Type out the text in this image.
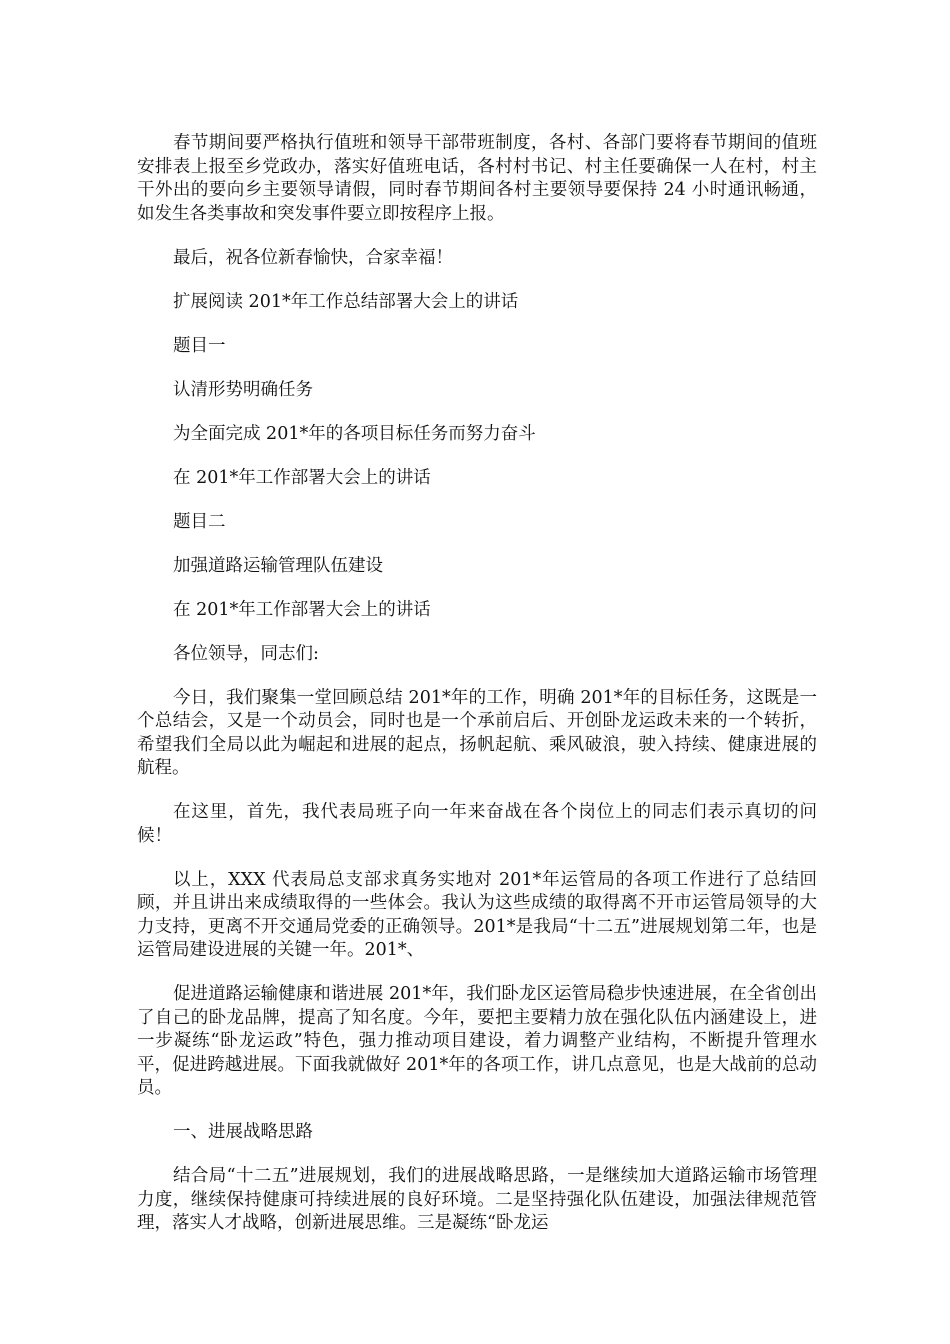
春节期间要严格执行值班和领导干部带班制度，各村、各部门要将春节期间的值班安排表上报至乡党政办，落实好值班电话，各村村书记、村主任要确保一人在村，村主干外出的要向乡主要领导请假，同时春节期间各村主要领导要保持 24 小时通讯畅通，如发生各类事故和突发事件要立即按程序上报。

最后，祝各位新春愉快，合家幸福！

扩展阅读 201*年工作总结部署大会上的讲话

题目一

认清形势明确任务

为全面完成 201*年的各项目标任务而努力奋斗

在 201*年工作部署大会上的讲话

题目二

加强道路运输管理队伍建设

在 201*年工作部署大会上的讲话

各位领导，同志们:

今日，我们聚集一堂回顾总结 201*年的工作，明确 201*年的目标任务，这既是一个总结会，又是一个动员会，同时也是一个承前启后、开创卧龙运政未来的一个转折，希望我们全局以此为崛起和进展的起点，扬帆起航、乘风破浪，驶入持续、健康进展的航程。

在这里，首先，我代表局班子向一年来奋战在各个岗位上的同志们表示真切的问候！

以上，XXX 代表局总支部求真务实地对 201*年运管局的各项工作进行了总结回顾，并且讲出来成绩取得的一些体会。我认为这些成绩的取得离不开市运管局领导的大力支持，更离不开交通局党委的正确领导。201*是我局“十二五”进展规划第二年，也是运管局建设进展的关键一年。201*、

促进道路运输健康和谐进展 201*年，我们卧龙区运管局稳步快速进展，在全省创出了自己的卧龙品牌，提高了知名度。今年，要把主要精力放在强化队伍内涵建设上，进一步凝练“卧龙运政”特色，强力推动项目建设，着力调整产业结构，不断提升管理水平，促进跨越进展。下面我就做好 201*年的各项工作，讲几点意见，也是大战前的总动员。

一、进展战略思路

结合局“十二五”进展规划，我们的进展战略思路，一是继续加大道路运输市场管理力度，继续保持健康可持续进展的良好环境。二是坚持强化队伍建设，加强法律规范管理，落实人才战略，创新进展思维。三是凝练“卧龙运
